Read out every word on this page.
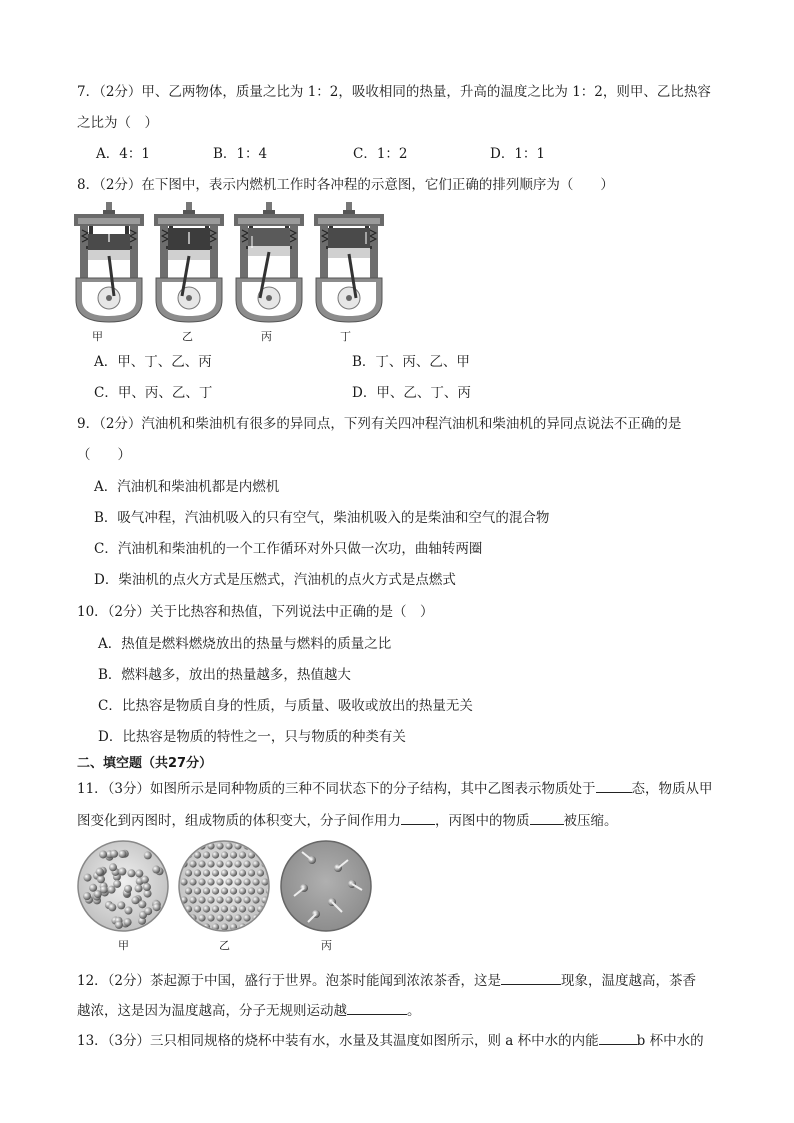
7．（2分）甲、乙两物体，质量之比为 1：2，吸收相同的热量，升高的温度之比为 1：2，则甲、乙比热容
之比为（　）
A．4：1	B．1：4	C．1：2	D．1：1
8．（2分）在下图中，表示内燃机工作时各冲程的示意图，它们正确的排列顺序为（　　）
甲	乙	丙	丁
A．甲、丁、乙、丙	B．丁、丙、乙、甲
C．甲、丙、乙、丁	D．甲、乙、丁、丙
9．（2分）汽油机和柴油机有很多的异同点，下列有关四冲程汽油机和柴油机的异同点说法不正确的是
（　　）
A．汽油机和柴油机都是内燃机
B．吸气冲程，汽油机吸入的只有空气，柴油机吸入的是柴油和空气的混合物
C．汽油机和柴油机的一个工作循环对外只做一次功，曲轴转两圈
D．柴油机的点火方式是压燃式，汽油机的点火方式是点燃式
10．（2分）关于比热容和热值，下列说法中正确的是（　）
A．热值是燃料燃烧放出的热量与燃料的质量之比
B．燃料越多，放出的热量越多，热值越大
C．比热容是物质自身的性质，与质量、吸收或放出的热量无关
D．比热容是物质的特性之一，只与物质的种类有关
二、填空题（共27分）
11．（3分）如图所示是同种物质的三种不同状态下的分子结构，其中乙图表示物质处于	态，物质从甲
图变化到丙图时，组成物质的体积变大，分子间作用力	，丙图中的物质	被压缩。
甲	乙	丙
12．（2分）茶起源于中国，盛行于世界。泡茶时能闻到浓浓茶香，这是	现象，温度越高，茶香
越浓，这是因为温度越高，分子无规则运动越	。
13．（3分）三只相同规格的烧杯中装有水，水量及其温度如图所示，则 a 杯中水的内能	b 杯中水的
